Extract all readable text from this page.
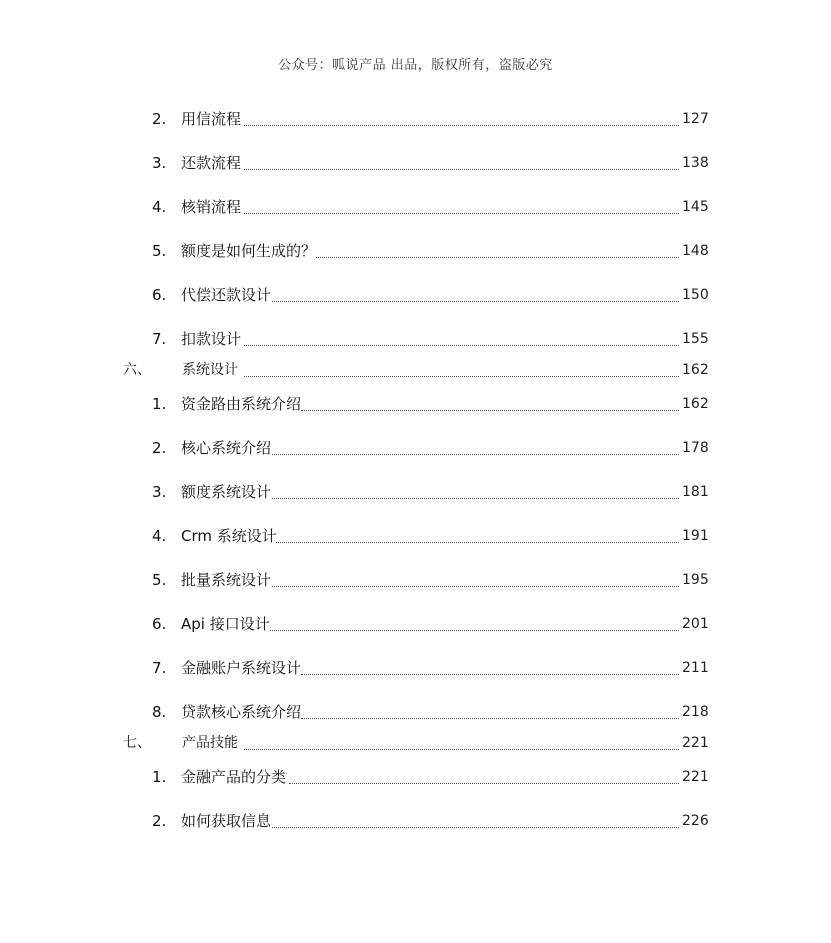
公众号：呱说产品 出品，版权所有，盗版必究
2. 用信流程	127
3. 还款流程	138
4. 核销流程	145
5. 额度是如何生成的？	148
6. 代偿还款设计	150
7. 扣款设计	155
六、 系统设计	162
1. 资金路由系统介绍	162
2. 核心系统介绍	178
3. 额度系统设计	181
4. Crm 系统设计	191
5. 批量系统设计	195
6. Api 接口设计	201
7. 金融账户系统设计	211
8. 贷款核心系统介绍	218
七、 产品技能	221
1. 金融产品的分类	221
2. 如何获取信息	226
